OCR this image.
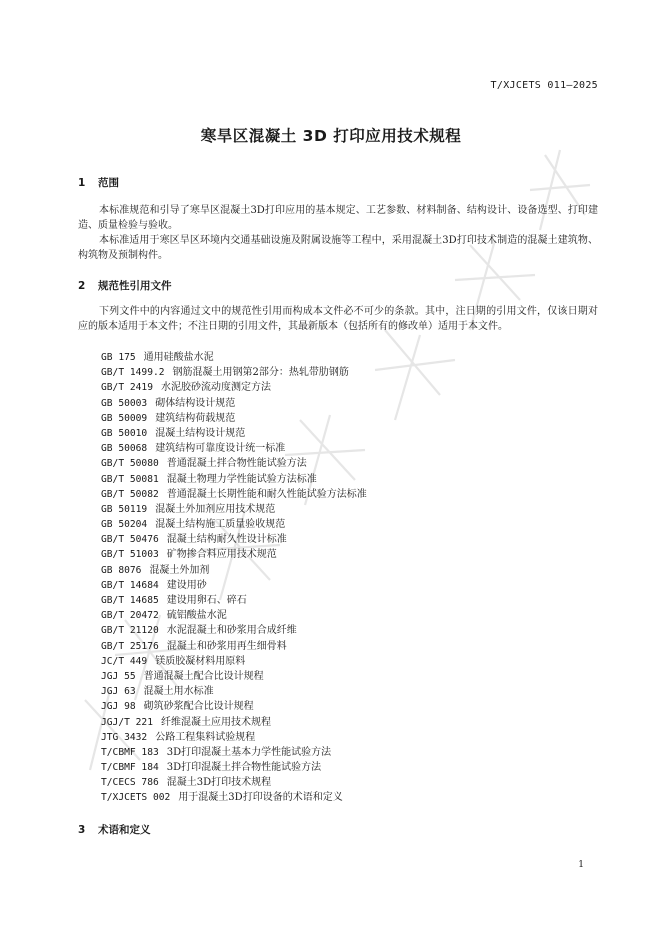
T/XJCETS 011—2025
寒旱区混凝土 3D 打印应用技术规程
1 范围
本标准规范和引导了寒旱区混凝土3D打印应用的基本规定、工艺参数、材料制备、结构设计、设备选型、打印建造、质量检验与验收。
本标准适用于寒区旱区环境内交通基础设施及附属设施等工程中，采用混凝土3D打印技术制造的混凝土建筑物、构筑物及预制构件。
2 规范性引用文件
下列文件中的内容通过文中的规范性引用而构成本文件必不可少的条款。其中，注日期的引用文件，仅该日期对应的版本适用于本文件；不注日期的引用文件，其最新版本（包括所有的修改单）适用于本文件。
GB 175 通用硅酸盐水泥
GB/T 1499.2 钢筋混凝土用钢第2部分：热轧带肋钢筋
GB/T 2419 水泥胶砂流动度测定方法
GB 50003 砌体结构设计规范
GB 50009 建筑结构荷载规范
GB 50010 混凝土结构设计规范
GB 50068 建筑结构可靠度设计统一标准
GB/T 50080 普通混凝土拌合物性能试验方法
GB/T 50081 混凝土物理力学性能试验方法标准
GB/T 50082 普通混凝土长期性能和耐久性能试验方法标准
GB 50119 混凝土外加剂应用技术规范
GB 50204 混凝土结构施工质量验收规范
GB/T 50476 混凝土结构耐久性设计标准
GB/T 51003 矿物掺合料应用技术规范
GB 8076 混凝土外加剂
GB/T 14684 建设用砂
GB/T 14685 建设用卵石、碎石
GB/T 20472 硫铝酸盐水泥
GB/T 21120 水泥混凝土和砂浆用合成纤维
GB/T 25176 混凝土和砂浆用再生细骨料
JC/T 449 镁质胶凝材料用原料
JGJ 55 普通混凝土配合比设计规程
JGJ 63 混凝土用水标准
JGJ 98 砌筑砂浆配合比设计规程
JGJ/T 221 纤维混凝土应用技术规程
JTG 3432 公路工程集料试验规程
T/CBMF 183 3D打印混凝土基本力学性能试验方法
T/CBMF 184 3D打印混凝土拌合物性能试验方法
T/CECS 786 混凝土3D打印技术规程
T/XJCETS 002 用于混凝土3D打印设备的术语和定义
3 术语和定义
1
